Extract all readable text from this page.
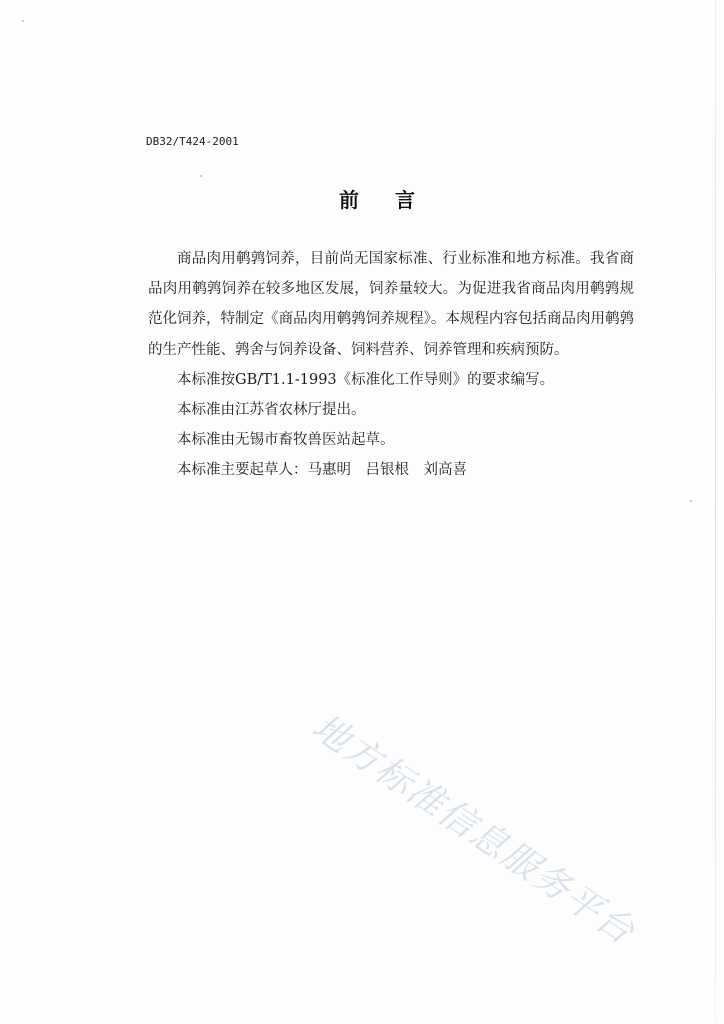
DB32/T424-2001
前 言

商品肉用鹌鹑饲养，目前尚无国家标准、行业标准和地方标准。我省商品肉用鹌鹑饲养在较多地区发展，饲养量较大。为促进我省商品肉用鹌鹑规范化饲养，特制定《商品肉用鹌鹑饲养规程》。本规程内容包括商品肉用鹌鹑的生产性能、鹑舍与饲养设备、饲料营养、饲养管理和疾病预防。

本标准按GB/T1.1-1993《标准化工作导则》的要求编写。

本标准由江苏省农林厅提出。

本标准由无锡市畜牧兽医站起草。

本标准主要起草人：马惠明　吕银根　刘高喜

地方标准信息服务平台
